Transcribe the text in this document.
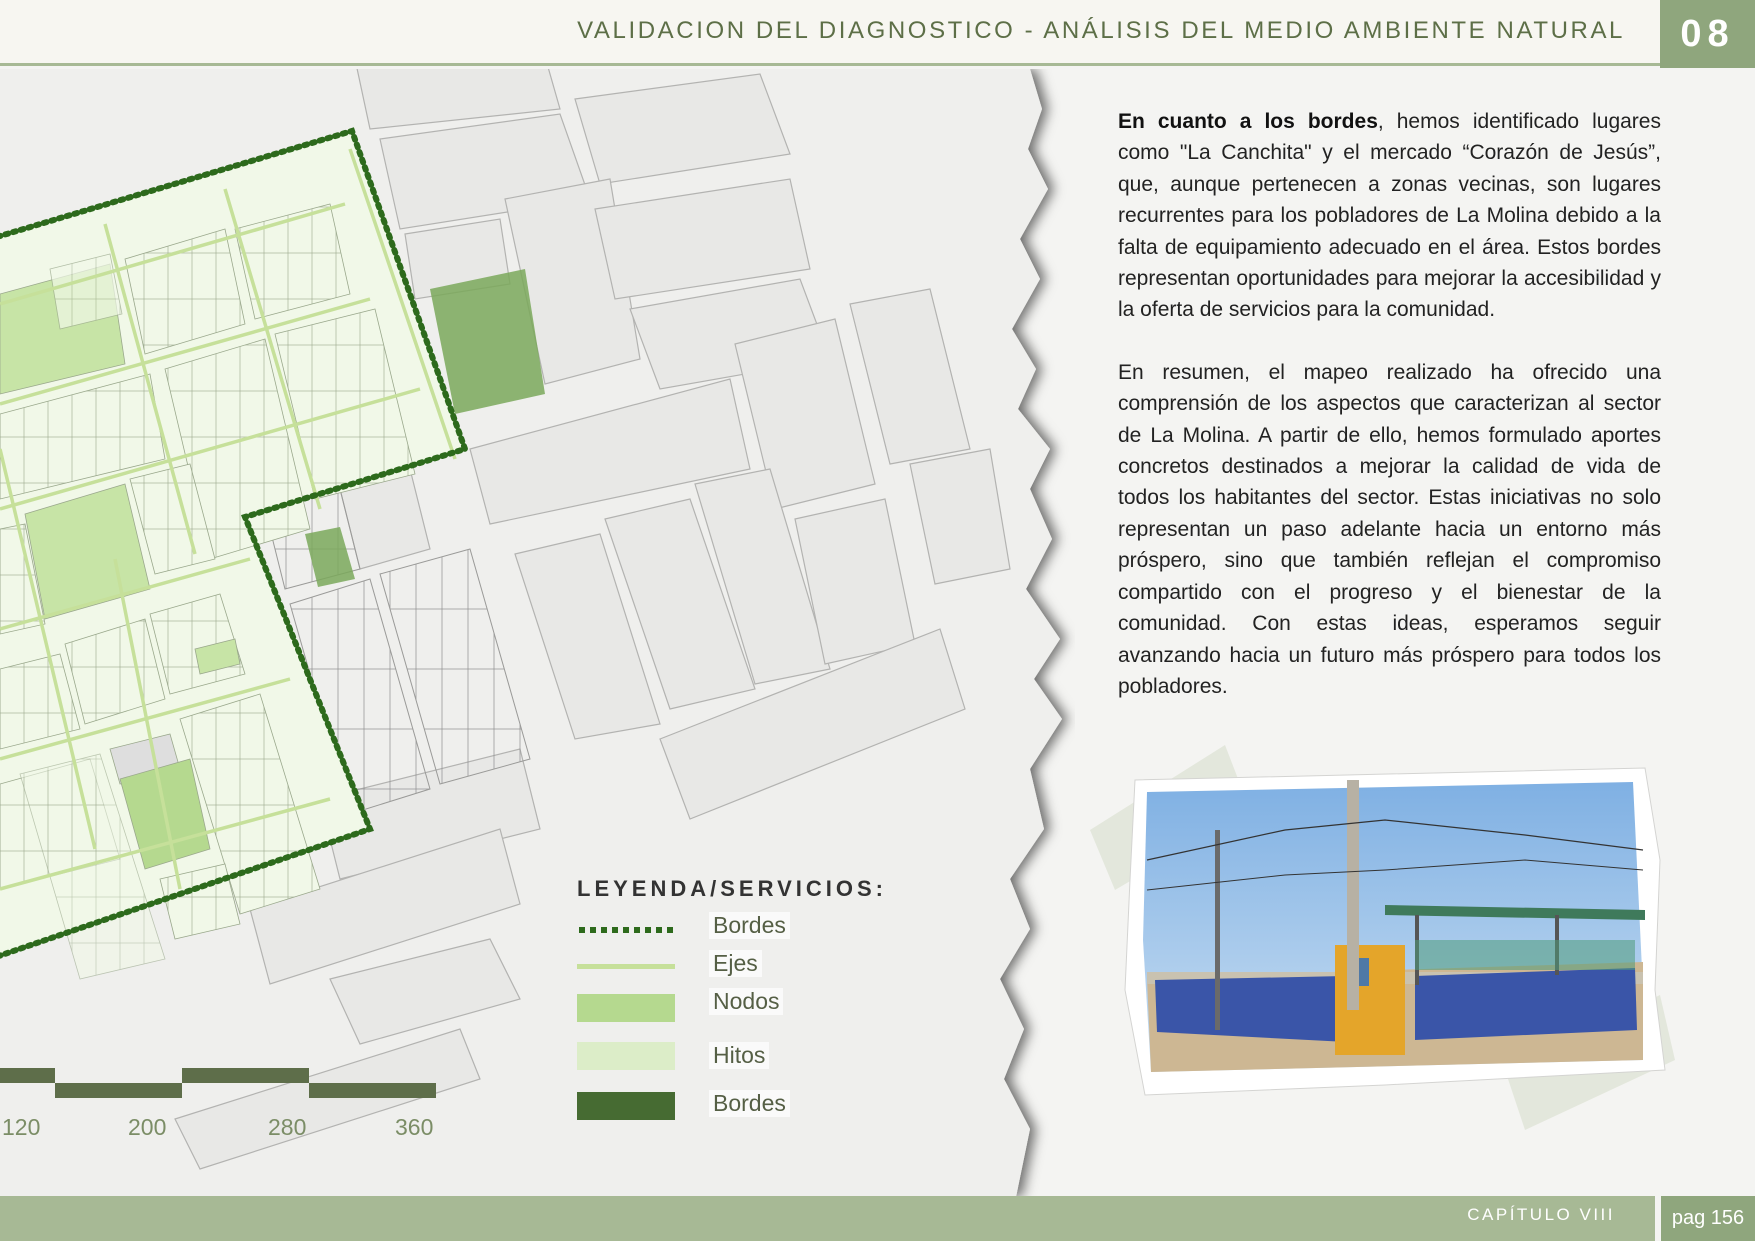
VALIDACION DEL DIAGNOSTICO - ANÁLISIS DEL MEDIO AMBIENTE NATURAL	08
120	200	280	360
LEYENDA/SERVICIOS:
Bordes
Ejes
Nodos
Hitos
Bordes

En cuanto a los bordes, hemos identificado lugares como "La Canchita" y el mercado “Corazón de Jesús”, que, aunque pertenecen a zonas vecinas, son lugares recurrentes para los pobladores de La Molina debido a la falta de equipamiento adecuado en el área. Estos bordes representan oportunidades para mejorar la accesibilidad y la oferta de servicios para la comunidad.

En resumen, el mapeo realizado ha ofrecido una comprensión de los aspectos que caracterizan al sector de La Molina. A partir de ello, hemos formulado aportes concretos destinados a mejorar la calidad de vida de todos los habitantes del sector. Estas iniciativas no solo representan un paso adelante hacia un entorno más próspero, sino que también reflejan el compromiso compartido con el progreso y el bienestar de la comunidad. Con estas ideas, esperamos seguir avanzando hacia un futuro más próspero para todos los pobladores.

CAPÍTULO VIII	pag 156
